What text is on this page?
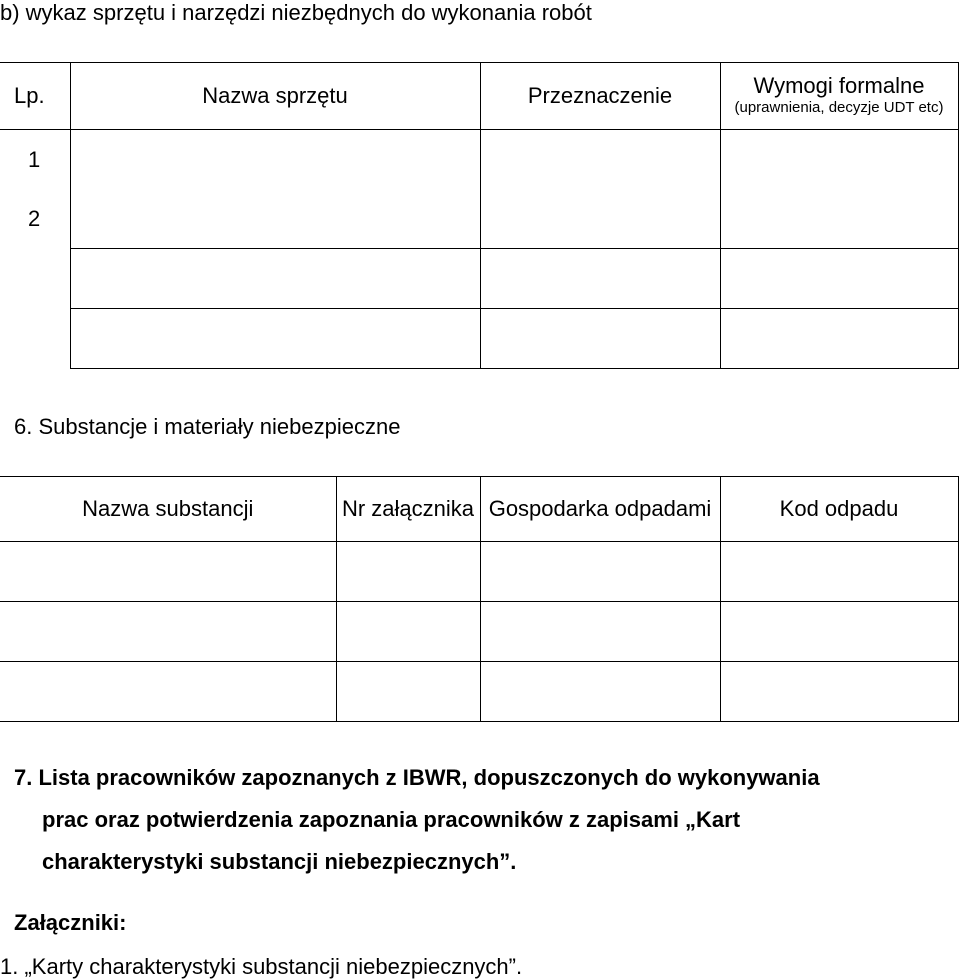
b) wykaz sprzętu i narzędzi niezbędnych do wykonania robót
Lp.	Nazwa sprzętu	Przeznaczenie	Wymogi formalne
(uprawnienia, decyzje UDT etc)

1			
2			

6. Substancje i materiały niebezpieczne
Nazwa substancji	Nr załącznika	Gospodarka odpadami	Kod odpadu

7. Lista pracowników zapoznanych z IBWR, dopuszczonych do wykonywania
prac oraz potwierdzenia zapoznania pracowników z zapisami „Kart
charakterystyki substancji niebezpiecznych”.
Załączniki:
1. „Karty charakterystyki substancji niebezpiecznych”.
